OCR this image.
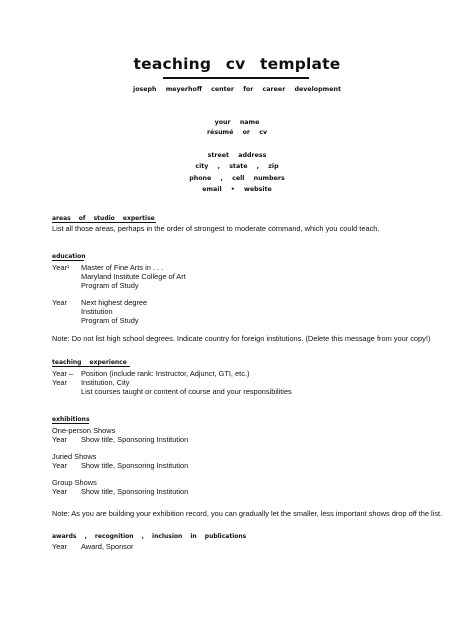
teaching cv template
joseph meyerhoff center for career development
your name
résumé or cv
street address
city , state , zip
phone , cell numbers
email • website
areas of studio expertise
List all those areas, perhaps in the order of strongest to moderate command, which you could teach.
education
Year¹ Master of Fine Arts in . . .
Maryland Institute College of Art
Program of Study
Year Next highest degree
Institution
Program of Study
Note: Do not list high school degrees. Indicate country for foreign institutions. (Delete this message from your copy!)
teaching experience
Year – Position (include rank: Instructor, Adjunct, GTI, etc.)
Year Institution, City
List courses taught or content of course and your responsibilities
exhibitions
One-person Shows
Year Show title, Sponsoring Institution
Juried Shows
Year Show title, Sponsoring Institution
Group Shows
Year Show title, Sponsoring Institution
Note: As you are building your exhibition record, you can gradually let the smaller, less important shows drop off the list.
awards , recognition , inclusion in publications
Year Award, Sponsor
